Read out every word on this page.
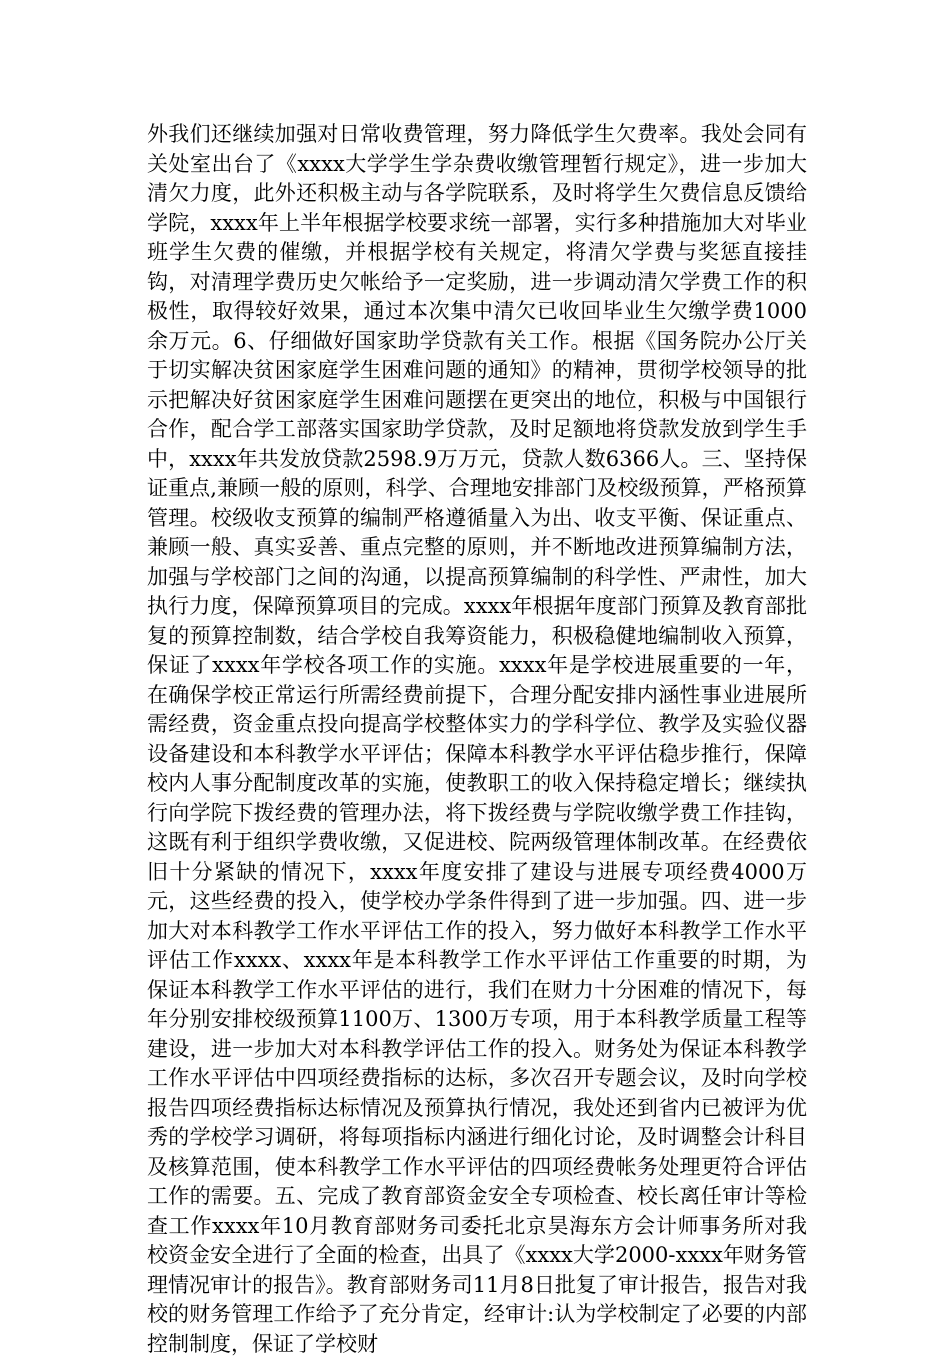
外我们还继续加强对日常收费管理，努力降低学生欠费率。我处会同有关处室出台了《xxxx大学学生学杂费收缴管理暂行规定》，进一步加大清欠力度，此外还积极主动与各学院联系，及时将学生欠费信息反馈给学院，xxxx年上半年根据学校要求统一部署，实行多种措施加大对毕业班学生欠费的催缴，并根据学校有关规定，将清欠学费与奖惩直接挂钩，对清理学费历史欠帐给予一定奖励，进一步调动清欠学费工作的积极性，取得较好效果，通过本次集中清欠已收回毕业生欠缴学费1000余万元。6、仔细做好国家助学贷款有关工作。根据《国务院办公厅关于切实解决贫困家庭学生困难问题的通知》的精神，贯彻学校领导的批示把解决好贫困家庭学生困难问题摆在更突出的地位，积极与中国银行合作，配合学工部落实国家助学贷款，及时足额地将贷款发放到学生手中，xxxx年共发放贷款2598.9万万元，贷款人数6366人。三、坚持保证重点,兼顾一般的原则，科学、合理地安排部门及校级预算，严格预算管理。校级收支预算的编制严格遵循量入为出、收支平衡、保证重点、兼顾一般、真实妥善、重点完整的原则，并不断地改进预算编制方法，加强与学校部门之间的沟通，以提高预算编制的科学性、严肃性，加大执行力度，保障预算项目的完成。xxxx年根据年度部门预算及教育部批复的预算控制数，结合学校自我筹资能力，积极稳健地编制收入预算，保证了xxxx年学校各项工作的实施。xxxx年是学校进展重要的一年，在确保学校正常运行所需经费前提下，合理分配安排内涵性事业进展所需经费，资金重点投向提高学校整体实力的学科学位、教学及实验仪器设备建设和本科教学水平评估；保障本科教学水平评估稳步推行，保障校内人事分配制度改革的实施，使教职工的收入保持稳定增长；继续执行向学院下拨经费的管理办法，将下拨经费与学院收缴学费工作挂钩，这既有利于组织学费收缴，又促进校、院两级管理体制改革。在经费依旧十分紧缺的情况下，xxxx年度安排了建设与进展专项经费4000万元，这些经费的投入，使学校办学条件得到了进一步加强。四、进一步加大对本科教学工作水平评估工作的投入，努力做好本科教学工作水平评估工作xxxx、xxxx年是本科教学工作水平评估工作重要的时期，为保证本科教学工作水平评估的进行，我们在财力十分困难的情况下，每年分别安排校级预算1100万、1300万专项，用于本科教学质量工程等建设，进一步加大对本科教学评估工作的投入。财务处为保证本科教学工作水平评估中四项经费指标的达标，多次召开专题会议，及时向学校报告四项经费指标达标情况及预算执行情况，我处还到省内已被评为优秀的学校学习调研，将每项指标内涵进行细化讨论，及时调整会计科目及核算范围，使本科教学工作水平评估的四项经费帐务处理更符合评估工作的需要。五、完成了教育部资金安全专项检查、校长离任审计等检查工作xxxx年10月教育部财务司委托北京昊海东方会计师事务所对我校资金安全进行了全面的检查，出具了《xxxx大学2000-xxxx年财务管理情况审计的报告》。教育部财务司11月8日批复了审计报告，报告对我校的财务管理工作给予了充分肯定，经审计:认为学校制定了必要的内部控制制度，保证了学校财
